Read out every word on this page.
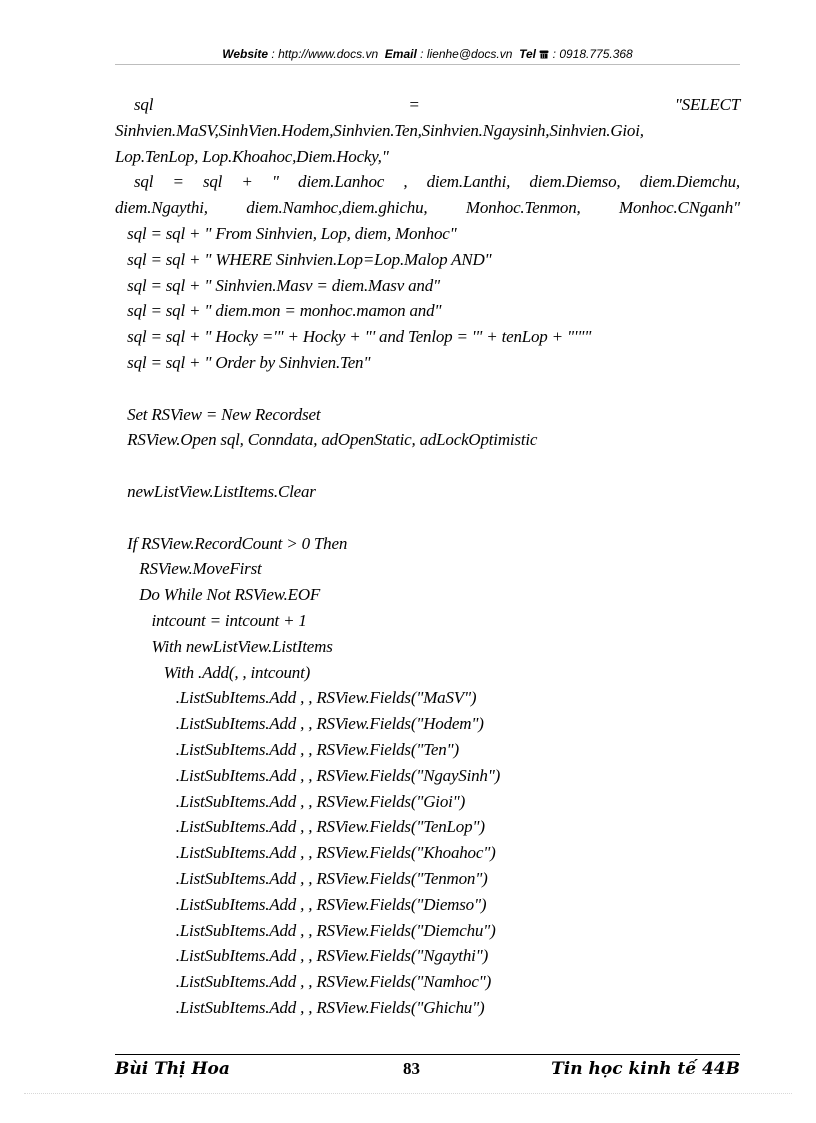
Website : http://www.docs.vn Email : lienhe@docs.vn Tel : 0918.775.368
sql	=	"SELECT
Sinhvien.MaSV,SinhVien.Hodem,Sinhvien.Ten,Sinhvien.Ngaysinh,Sinhvien.Gioi,
Lop.TenLop, Lop.Khoahoc,Diem.Hocky,"
sql = sql + " diem.Lanhoc , diem.Lanthi, diem.Diemso, diem.Diemchu,
diem.Ngaythi, diem.Namhoc,diem.ghichu, Monhoc.Tenmon, Monhoc.CNganh"
sql = sql + " From Sinhvien, Lop, diem, Monhoc"
sql = sql + " WHERE Sinhvien.Lop=Lop.Malop AND"
sql = sql + " Sinhvien.Masv = diem.Masv and"
sql = sql + " diem.mon = monhoc.mamon and"
sql = sql + " Hocky ='" + Hocky + "' and Tenlop = '" + tenLop + "'""
sql = sql + " Order by Sinhvien.Ten"
Set RSView = New Recordset
RSView.Open sql, Conndata, adOpenStatic, adLockOptimistic
newListView.ListItems.Clear
If RSView.RecordCount > 0 Then
RSView.MoveFirst
Do While Not RSView.EOF
intcount = intcount + 1
With newListView.ListItems
With .Add(, , intcount)
.ListSubItems.Add , , RSView.Fields("MaSV")
.ListSubItems.Add , , RSView.Fields("Hodem")
.ListSubItems.Add , , RSView.Fields("Ten")
.ListSubItems.Add , , RSView.Fields("NgaySinh")
.ListSubItems.Add , , RSView.Fields("Gioi")
.ListSubItems.Add , , RSView.Fields("TenLop")
.ListSubItems.Add , , RSView.Fields("Khoahoc")
.ListSubItems.Add , , RSView.Fields("Tenmon")
.ListSubItems.Add , , RSView.Fields("Diemso")
.ListSubItems.Add , , RSView.Fields("Diemchu")
.ListSubItems.Add , , RSView.Fields("Ngaythi")
.ListSubItems.Add , , RSView.Fields("Namhoc")
.ListSubItems.Add , , RSView.Fields("Ghichu")
Bùi Thị Hoa	83	Tin học kinh tế 44B
